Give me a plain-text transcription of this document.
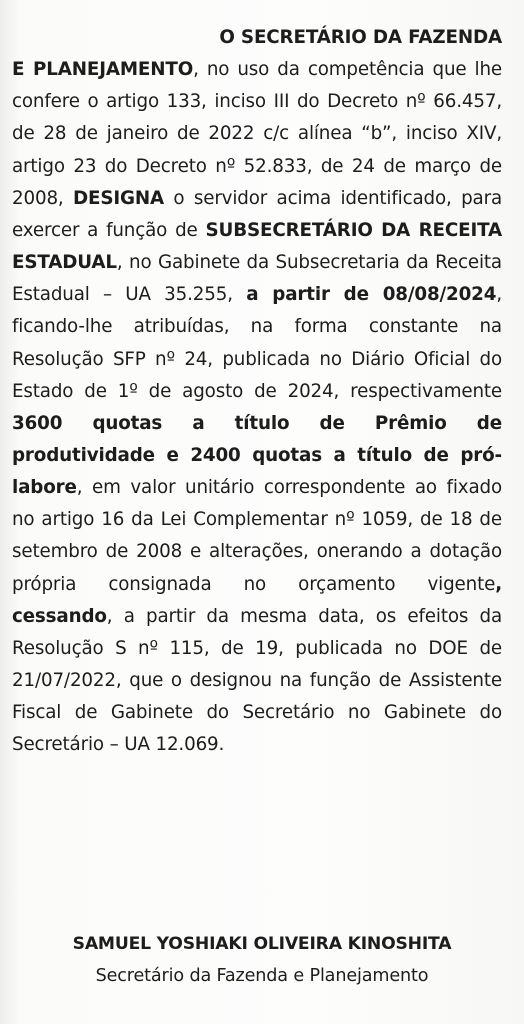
O SECRETÁRIO DA FAZENDA
E PLANEJAMENTO, no uso da competência que lhe confere o artigo 133, inciso III do Decreto nº 66.457, de 28 de janeiro de 2022 c/c alínea “b”, inciso XIV, artigo 23 do Decreto nº 52.833, de 24 de março de 2008, DESIGNA o servidor acima identificado, para exercer a função de SUBSECRETÁRIO DA RECEITA ESTADUAL, no Gabinete da Subsecretaria da Receita Estadual – UA 35.255, a partir de 08/08/2024, ficando-lhe atribuídas, na forma constante na Resolução SFP nº 24, publicada no Diário Oficial do Estado de 1º de agosto de 2024, respectivamente 3600 quotas a título de Prêmio de produtividade e 2400 quotas a título de pró-labore, em valor unitário correspondente ao fixado no artigo 16 da Lei Complementar nº 1059, de 18 de setembro de 2008 e alterações, onerando a dotação própria consignada no orçamento vigente, cessando, a partir da mesma data, os efeitos da Resolução S nº 115, de 19, publicada no DOE de 21/07/2022, que o designou na função de Assistente Fiscal de Gabinete do Secretário no Gabinete do Secretário – UA 12.069.
SAMUEL YOSHIAKI OLIVEIRA KINOSHITA
Secretário da Fazenda e Planejamento
